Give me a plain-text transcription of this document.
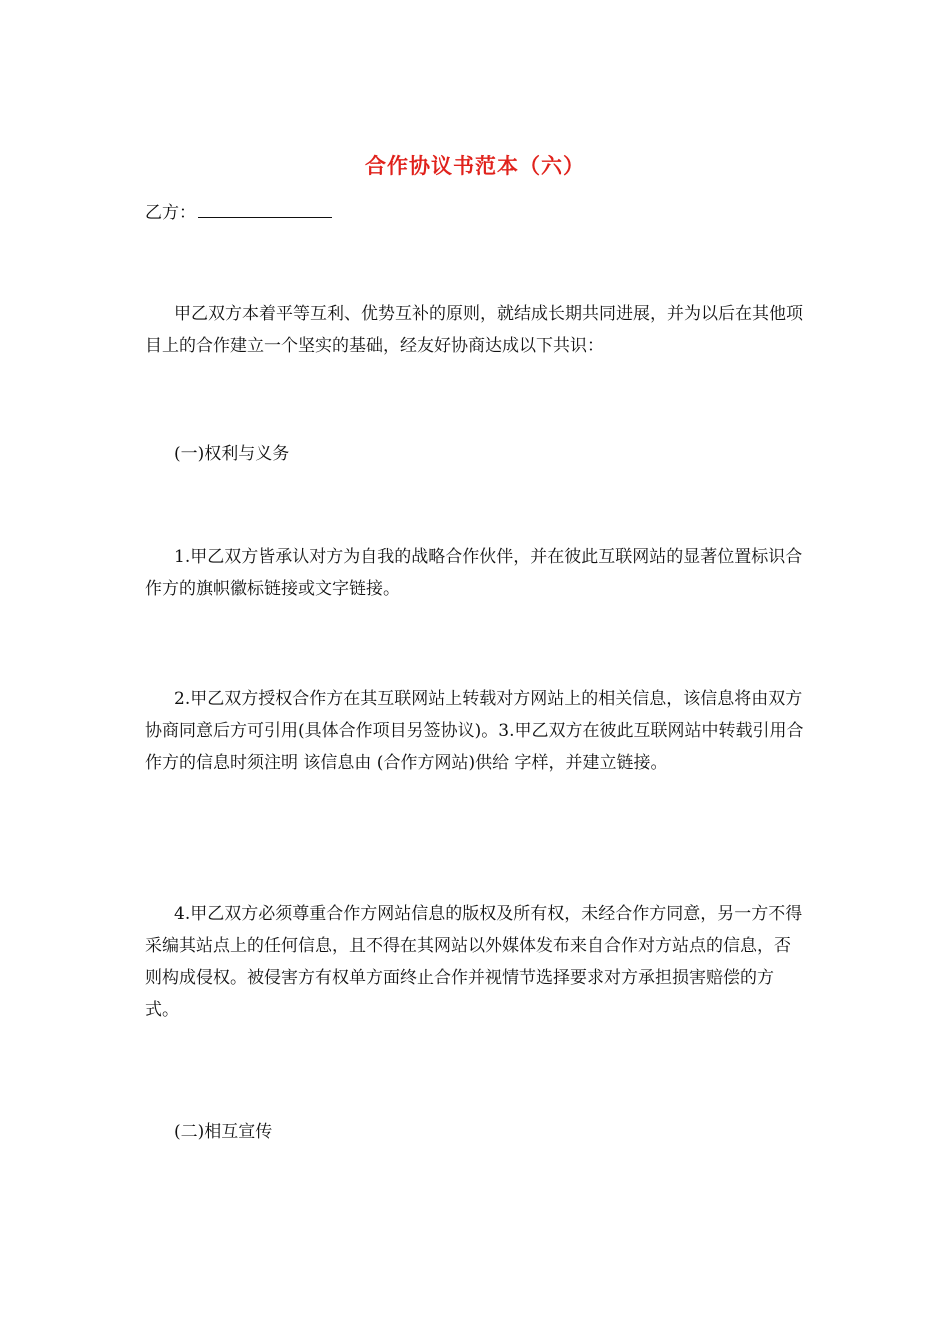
合作协议书范本（六）
乙方：

甲乙双方本着平等互利、优势互补的原则，就结成长期共同进展，并为以后在其他项目上的合作建立一个坚实的基础，经友好协商达成以下共识：

(一)权利与义务

1.甲乙双方皆承认对方为自我的战略合作伙伴，并在彼此互联网站的显著位置标识合作方的旗帜徽标链接或文字链接。

2.甲乙双方授权合作方在其互联网站上转载对方网站上的相关信息，该信息将由双方协商同意后方可引用(具体合作项目另签协议)。3.甲乙双方在彼此互联网站中转载引用合作方的信息时须注明 该信息由 (合作方网站)供给 字样，并建立链接。

4.甲乙双方必须尊重合作方网站信息的版权及所有权，未经合作方同意，另一方不得采编其站点上的任何信息，且不得在其网站以外媒体发布来自合作对方站点的信息，否则构成侵权。被侵害方有权单方面终止合作并视情节选择要求对方承担损害赔偿的方式。

(二)相互宣传
